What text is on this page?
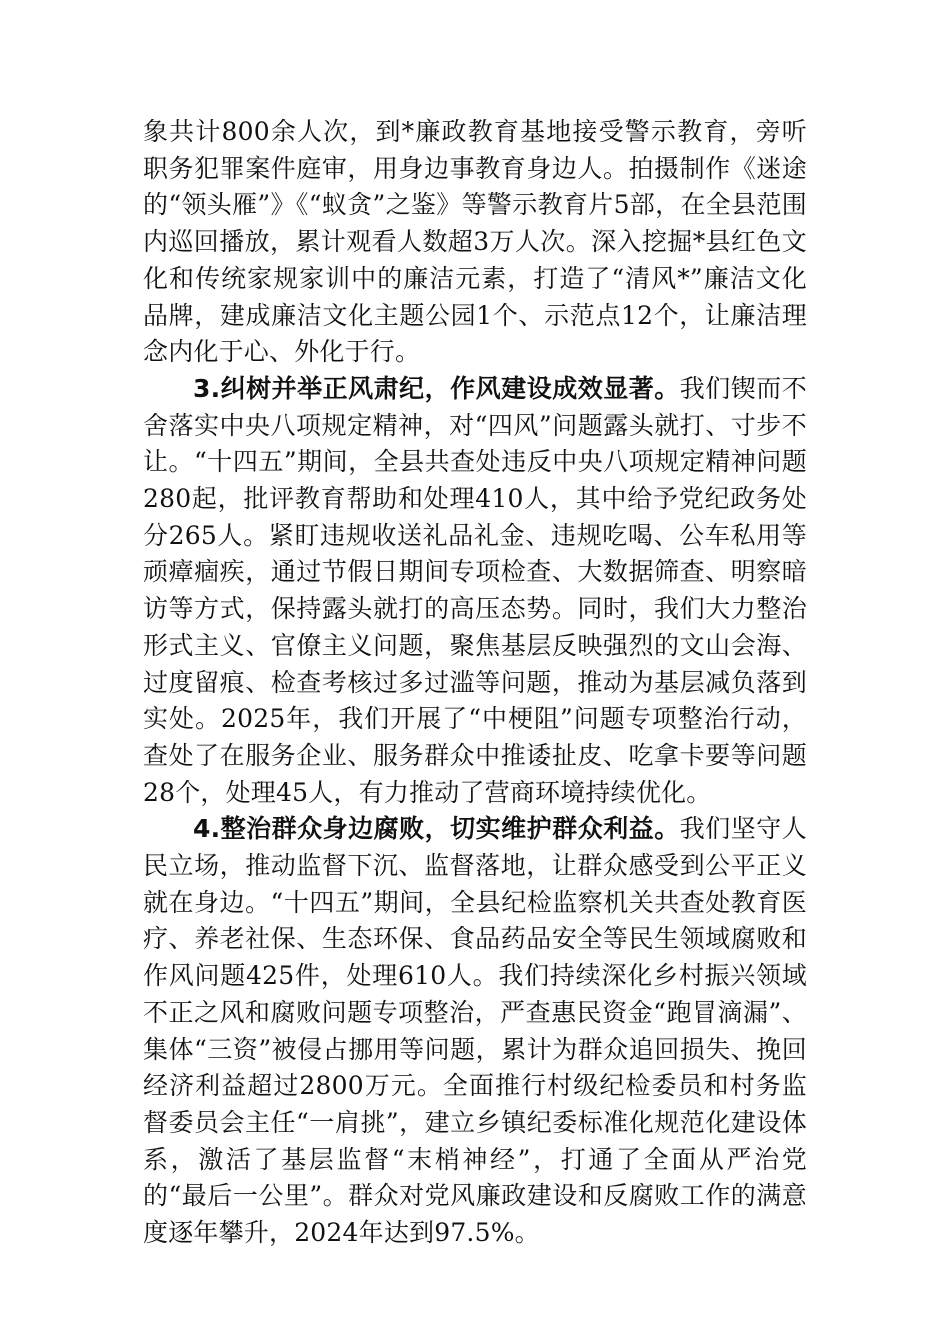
象共计800余人次，到*廉政教育基地接受警示教育，旁听职务犯罪案件庭审，用身边事教育身边人。拍摄制作《迷途的“领头雁”》《“蚁贪”之鉴》等警示教育片5部，在全县范围内巡回播放，累计观看人数超3万人次。深入挖掘*县红色文化和传统家规家训中的廉洁元素，打造了“清风*”廉洁文化品牌，建成廉洁文化主题公园1个、示范点12个，让廉洁理念内化于心、外化于行。

3.纠树并举正风肃纪，作风建设成效显著。我们锲而不舍落实中央八项规定精神，对“四风”问题露头就打、寸步不让。“十四五”期间，全县共查处违反中央八项规定精神问题280起，批评教育帮助和处理410人，其中给予党纪政务处分265人。紧盯违规收送礼品礼金、违规吃喝、公车私用等顽瘴痼疾，通过节假日期间专项检查、大数据筛查、明察暗访等方式，保持露头就打的高压态势。同时，我们大力整治形式主义、官僚主义问题，聚焦基层反映强烈的文山会海、过度留痕、检查考核过多过滥等问题，推动为基层减负落到实处。2025年，我们开展了“中梗阻”问题专项整治行动，查处了在服务企业、服务群众中推诿扯皮、吃拿卡要等问题28个，处理45人，有力推动了营商环境持续优化。

4.整治群众身边腐败，切实维护群众利益。我们坚守人民立场，推动监督下沉、监督落地，让群众感受到公平正义就在身边。“十四五”期间，全县纪检监察机关共查处教育医疗、养老社保、生态环保、食品药品安全等民生领域腐败和作风问题425件，处理610人。我们持续深化乡村振兴领域不正之风和腐败问题专项整治，严查惠民资金“跑冒滴漏”、集体“三资”被侵占挪用等问题，累计为群众追回损失、挽回经济利益超过2800万元。全面推行村级纪检委员和村务监督委员会主任“一肩挑”，建立乡镇纪委标准化规范化建设体系，激活了基层监督“末梢神经”，打通了全面从严治党的“最后一公里”。群众对党风廉政建设和反腐败工作的满意度逐年攀升，2024年达到97.5%。
